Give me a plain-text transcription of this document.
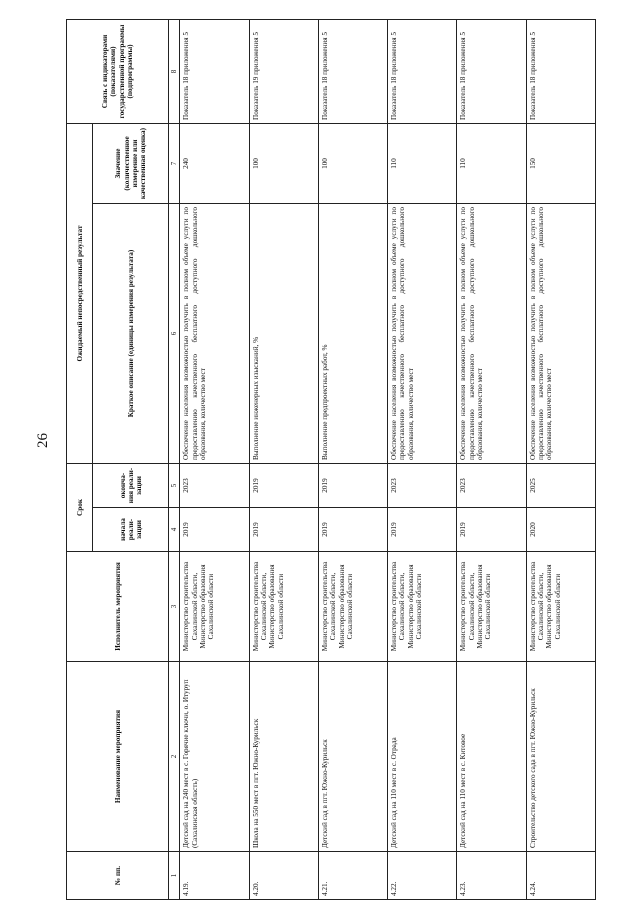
26
№ пп.	Наименование мероприятия	Исполнитель мероприятия	Срок		Ожидаемый непосредственный результат		Связь с индикаторами (показателями) государственной программы (подпрограммы)
			начала реали-зации	оконча-ния реали-зации	Краткое описание (единицы измерения результата)	Значение (количественное измерение или качественная оценка)	
1	2	3	4	5	6	7	8
4.19.	Детский сад на 240 мест в с. Горячие ключи, о. Итуруп (Сахалинская область)	Министерство строительства Сахалинской области, Министерство образования Сахалинской области	2019	2023	Обеспечение населения возможностью получить в полном объеме услуги по предоставлению качественного бесплатного доступного дошкольного образования, количество мест	240	Показатель 18 приложения 5
4.20.	Школа на 550 мест в пгт. Южно-Курильск	Министерство строительства Сахалинской области, Министерство образования Сахалинской области	2019	2019	Выполнение инженерных изысканий, %	100	Показатель 19 приложения 5
4.21.	Детский сад в пгт. Южно-Курильск	Министерство строительства Сахалинской области, Министерство образования Сахалинской области	2019	2019	Выполнение предпроектных работ, %	100	Показатель 18 приложения 5
4.22.	Детский сад на 110 мест в с. Отрада	Министерство строительства Сахалинской области, Министерство образования Сахалинской области	2019	2023	Обеспечение населения возможностью получить в полном объеме услуги по предоставлению качественного бесплатного доступного дошкольного образования, количество мест	110	Показатель 18 приложения 5
4.23.	Детский сад на 110 мест в с. Китовое	Министерство строительства Сахалинской области, Министерство образования Сахалинской области	2019	2023	Обеспечение населения возможностью получить в полном объеме услуги по предоставлению качественного бесплатного доступного дошкольного образования, количество мест	110	Показатель 18 приложения 5
4.24.	Строительство детского сада в пгт. Южно-Курильск	Министерство строительства Сахалинской области, Министерство образования Сахалинской области	2020	2025	Обеспечение населения возможностью получить в полном объеме услуги по предоставлению качественного бесплатного доступного дошкольного образования, количество мест	150	Показатель 18 приложения 5
